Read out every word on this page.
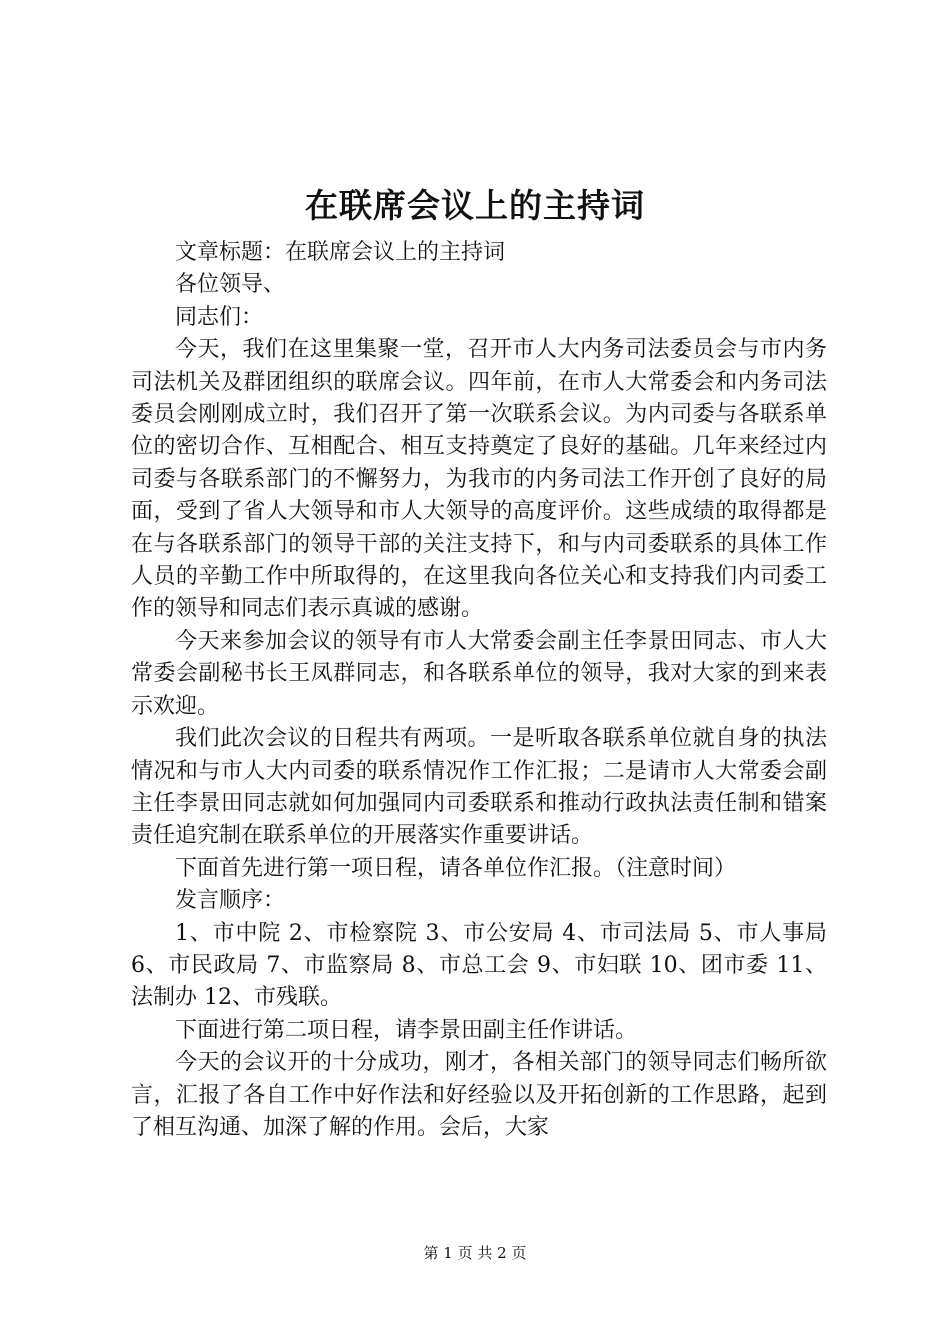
在联席会议上的主持词

文章标题：在联席会议上的主持词

各位领导、

同志们：

今天，我们在这里集聚一堂，召开市人大内务司法委员会与市内务司法机关及群团组织的联席会议。四年前，在市人大常委会和内务司法委员会刚刚成立时，我们召开了第一次联系会议。为内司委与各联系单位的密切合作、互相配合、相互支持奠定了良好的基础。几年来经过内司委与各联系部门的不懈努力，为我市的内务司法工作开创了良好的局面，受到了省人大领导和市人大领导的高度评价。这些成绩的取得都是在与各联系部门的领导干部的关注支持下，和与内司委联系的具体工作人员的辛勤工作中所取得的，在这里我向各位关心和支持我们内司委工作的领导和同志们表示真诚的感谢。

今天来参加会议的领导有市人大常委会副主任李景田同志、市人大常委会副秘书长王凤群同志，和各联系单位的领导，我对大家的到来表示欢迎。

我们此次会议的日程共有两项。一是听取各联系单位就自身的执法情况和与市人大内司委的联系情况作工作汇报；二是请市人大常委会副主任李景田同志就如何加强同内司委联系和推动行政执法责任制和错案责任追究制在联系单位的开展落实作重要讲话。

下面首先进行第一项日程，请各单位作汇报。（注意时间）

发言顺序：

1、市中院 2、市检察院 3、市公安局 4、市司法局 5、市人事局 6、市民政局 7、市监察局 8、市总工会 9、市妇联 10、团市委 11、法制办 12、市残联。

下面进行第二项日程，请李景田副主任作讲话。

今天的会议开的十分成功，刚才，各相关部门的领导同志们畅所欲言，汇报了各自工作中好作法和好经验以及开拓创新的工作思路，起到了相互沟通、加深了解的作用。会后，大家

第 1 页 共 2 页
